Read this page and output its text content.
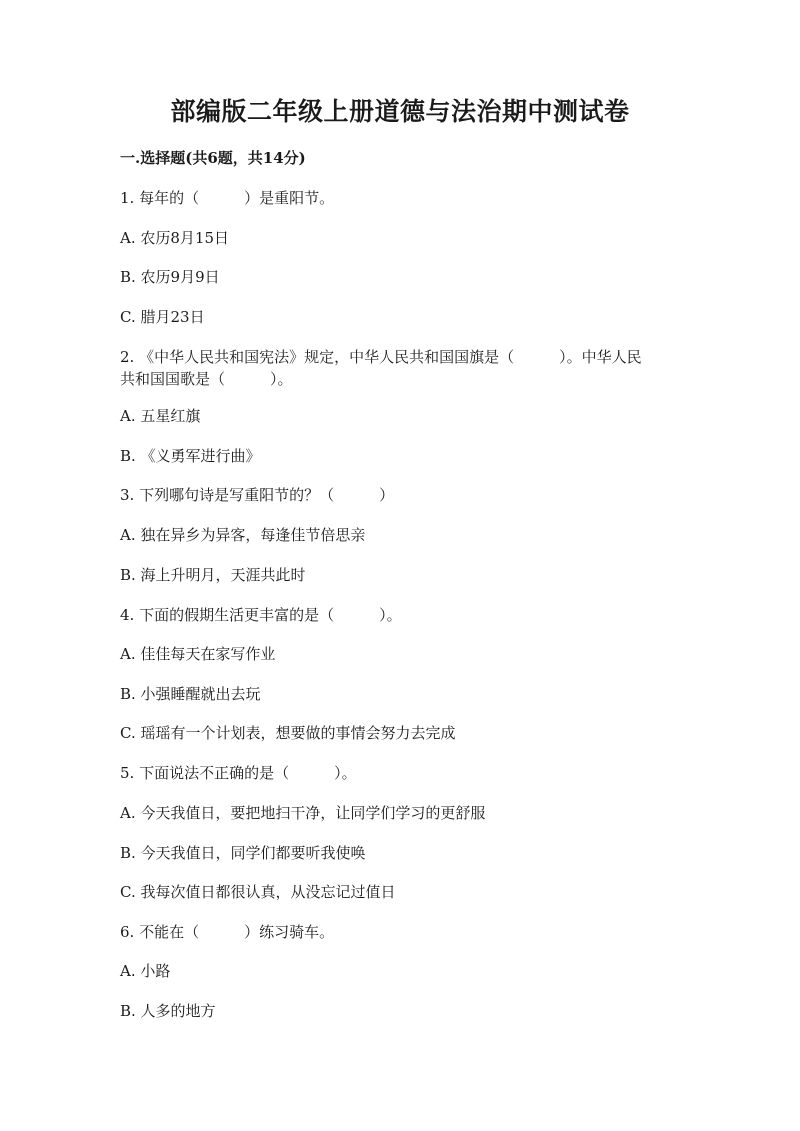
部编版二年级上册道德与法治期中测试卷
一.选择题(共6题，共14分)
1. 每年的（　　　）是重阳节。
A. 农历8月15日
B. 农历9月9日
C. 腊月23日
2. 《中华人民共和国宪法》规定，中华人民共和国国旗是（　　　）。中华人民
共和国国歌是（　　　）。
A. 五星红旗
B. 《义勇军进行曲》
3. 下列哪句诗是写重阳节的？（　　　）
A. 独在异乡为异客，每逢佳节倍思亲
B. 海上升明月，天涯共此时
4. 下面的假期生活更丰富的是（　　　）。
A. 佳佳每天在家写作业
B. 小强睡醒就出去玩
C. 瑶瑶有一个计划表，想要做的事情会努力去完成
5. 下面说法不正确的是（　　　）。
A. 今天我值日，要把地扫干净，让同学们学习的更舒服
B. 今天我值日，同学们都要听我使唤
C. 我每次值日都很认真，从没忘记过值日
6. 不能在（　　　）练习骑车。
A. 小路
B. 人多的地方
